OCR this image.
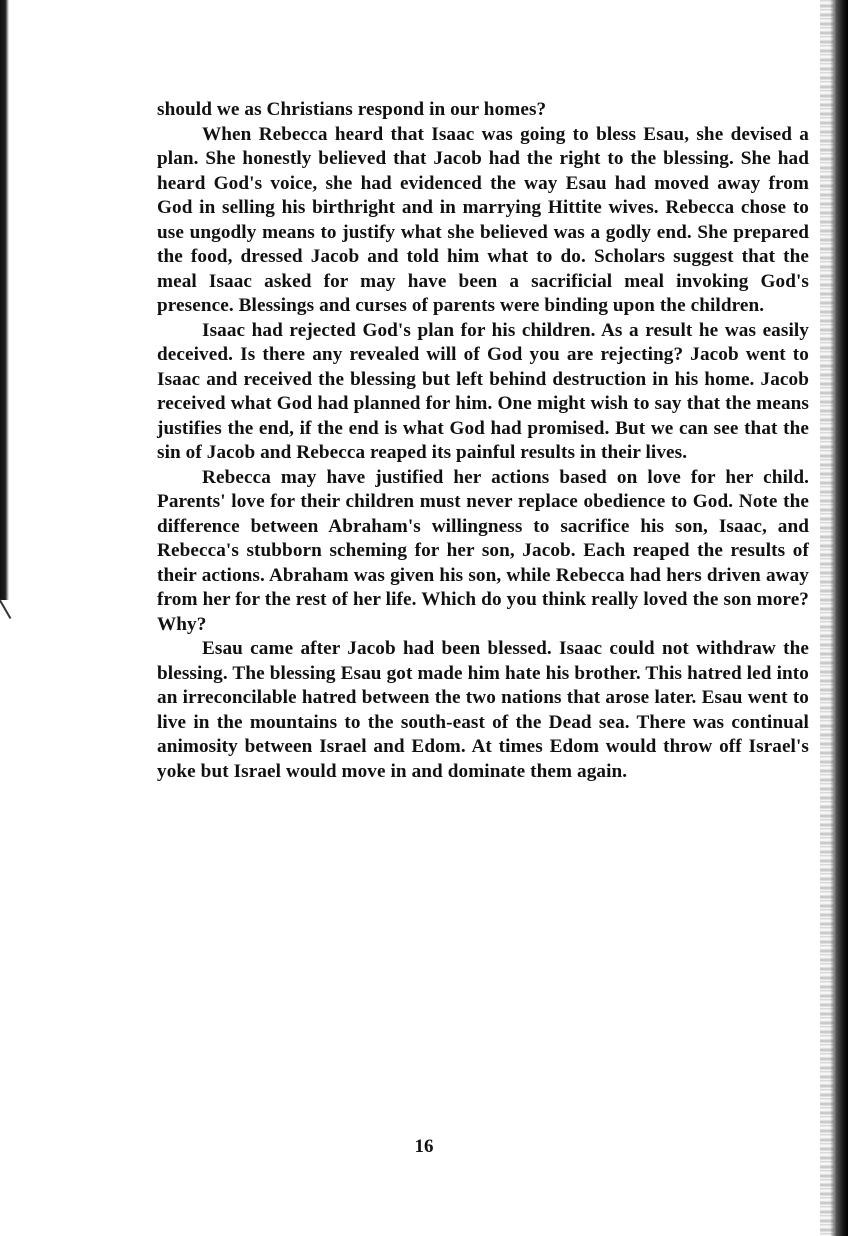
should we as Christians respond in our homes?

When Rebecca heard that Isaac was going to bless Esau, she devised a plan. She honestly believed that Jacob had the right to the blessing. She had heard God's voice, she had evidenced the way Esau had moved away from God in selling his birthright and in marrying Hittite wives. Rebecca chose to use ungodly means to justify what she believed was a godly end. She prepared the food, dressed Jacob and told him what to do. Scholars suggest that the meal Isaac asked for may have been a sacrificial meal invoking God's presence. Blessings and curses of parents were binding upon the children.

Isaac had rejected God's plan for his children. As a result he was easily deceived. Is there any revealed will of God you are rejecting? Jacob went to Isaac and received the blessing but left behind destruction in his home. Jacob received what God had planned for him. One might wish to say that the means justifies the end, if the end is what God had promised. But we can see that the sin of Jacob and Rebecca reaped its painful results in their lives.

Rebecca may have justified her actions based on love for her child. Parents' love for their children must never replace obedience to God. Note the difference between Abraham's willingness to sacrifice his son, Isaac, and Rebecca's stubborn scheming for her son, Jacob. Each reaped the results of their actions. Abraham was given his son, while Rebecca had hers driven away from her for the rest of her life. Which do you think really loved the son more? Why?

Esau came after Jacob had been blessed. Isaac could not withdraw the blessing. The blessing Esau got made him hate his brother. This hatred led into an irreconcilable hatred between the two nations that arose later. Esau went to live in the mountains to the south-east of the Dead sea. There was continual animosity between Israel and Edom. At times Edom would throw off Israel's yoke but Israel would move in and dominate them again.

16
